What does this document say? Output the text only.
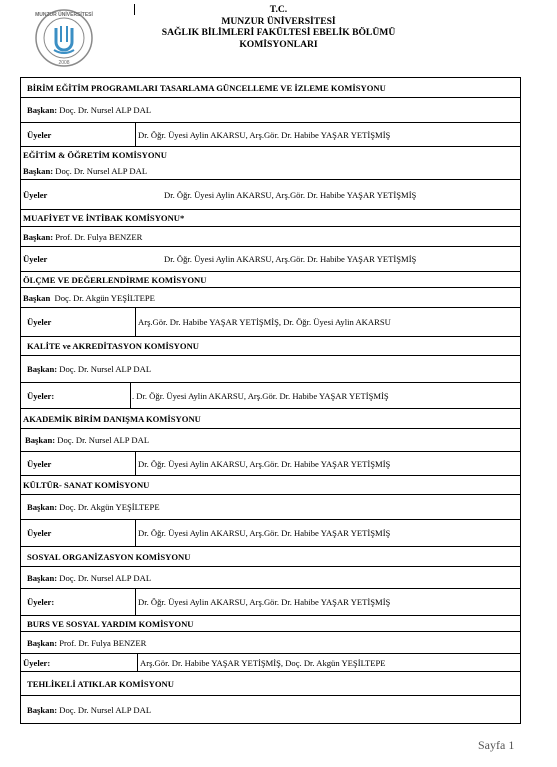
MUNZUR ÜNİVERSİTESİ
2008
T.C.
MUNZUR ÜNİVERSİTESİ
SAĞLIK BİLİMLERİ FAKÜLTESİ EBELİK BÖLÜMÜ
KOMİSYONLARI
BİRİM EĞİTİM PROGRAMLARI TASARLAMA GÜNCELLEME VE İZLEME KOMİSYONU
Başkan:
Doç. Dr. Nursel ALP DAL
Üyeler	Dr. Öğr. Üyesi Aylin AKARSU, Arş.Gör. Dr. Habibe YAŞAR YETİŞMİŞ
EĞİTİM & ÖĞRETİM KOMİSYONU
Başkan:
Doç. Dr. Nursel ALP DAL
Üyeler	Dr. Öğr. Üyesi Aylin AKARSU, Arş.Gör. Dr. Habibe YAŞAR YETİŞMİŞ
MUAFİYET VE İNTİBAK KOMİSYONU*
Başkan:
Prof. Dr. Fulya BENZER
Üyeler	Dr. Öğr. Üyesi Aylin AKARSU, Arş.Gör. Dr. Habibe YAŞAR YETİŞMİŞ
ÖLÇME VE DEĞERLENDİRME KOMİSYONU
Başkan
Doç. Dr. Akgün YEŞİLTEPE
Üyeler	Arş.Gör. Dr. Habibe YAŞAR YETİŞMİŞ, Dr. Öğr. Üyesi Aylin AKARSU
KALİTE ve AKREDİTASYON KOMİSYONU
Başkan:
Doç. Dr. Nursel ALP DAL
Üyeler:	. Dr. Öğr. Üyesi Aylin AKARSU, Arş.Gör. Dr. Habibe YAŞAR YETİŞMİŞ
AKADEMİK BİRİM DANIŞMA KOMİSYONU
Başkan:
Doç. Dr. Nursel ALP DAL
Üyeler	Dr. Öğr. Üyesi Aylin AKARSU, Arş.Gör. Dr. Habibe YAŞAR YETİŞMİŞ
KÜLTÜR- SANAT KOMİSYONU
Başkan:
Doç. Dr. Akgün YEŞİLTEPE
Üyeler	Dr. Öğr. Üyesi Aylin AKARSU, Arş.Gör. Dr. Habibe YAŞAR YETİŞMİŞ
SOSYAL ORGANİZASYON KOMİSYONU
Başkan:
Doç. Dr. Nursel ALP DAL
Üyeler:	Dr. Öğr. Üyesi Aylin AKARSU, Arş.Gör. Dr. Habibe YAŞAR YETİŞMİŞ
BURS VE SOSYAL YARDIM KOMİSYONU
Başkan:
Prof. Dr. Fulya BENZER
Üyeler:	Arş.Gör. Dr. Habibe YAŞAR YETİŞMİŞ, Doç. Dr. Akgün YEŞİLTEPE
TEHLİKELİ ATIKLAR KOMİSYONU
Başkan:
Doç. Dr. Nursel ALP DAL
Sayfa 1
